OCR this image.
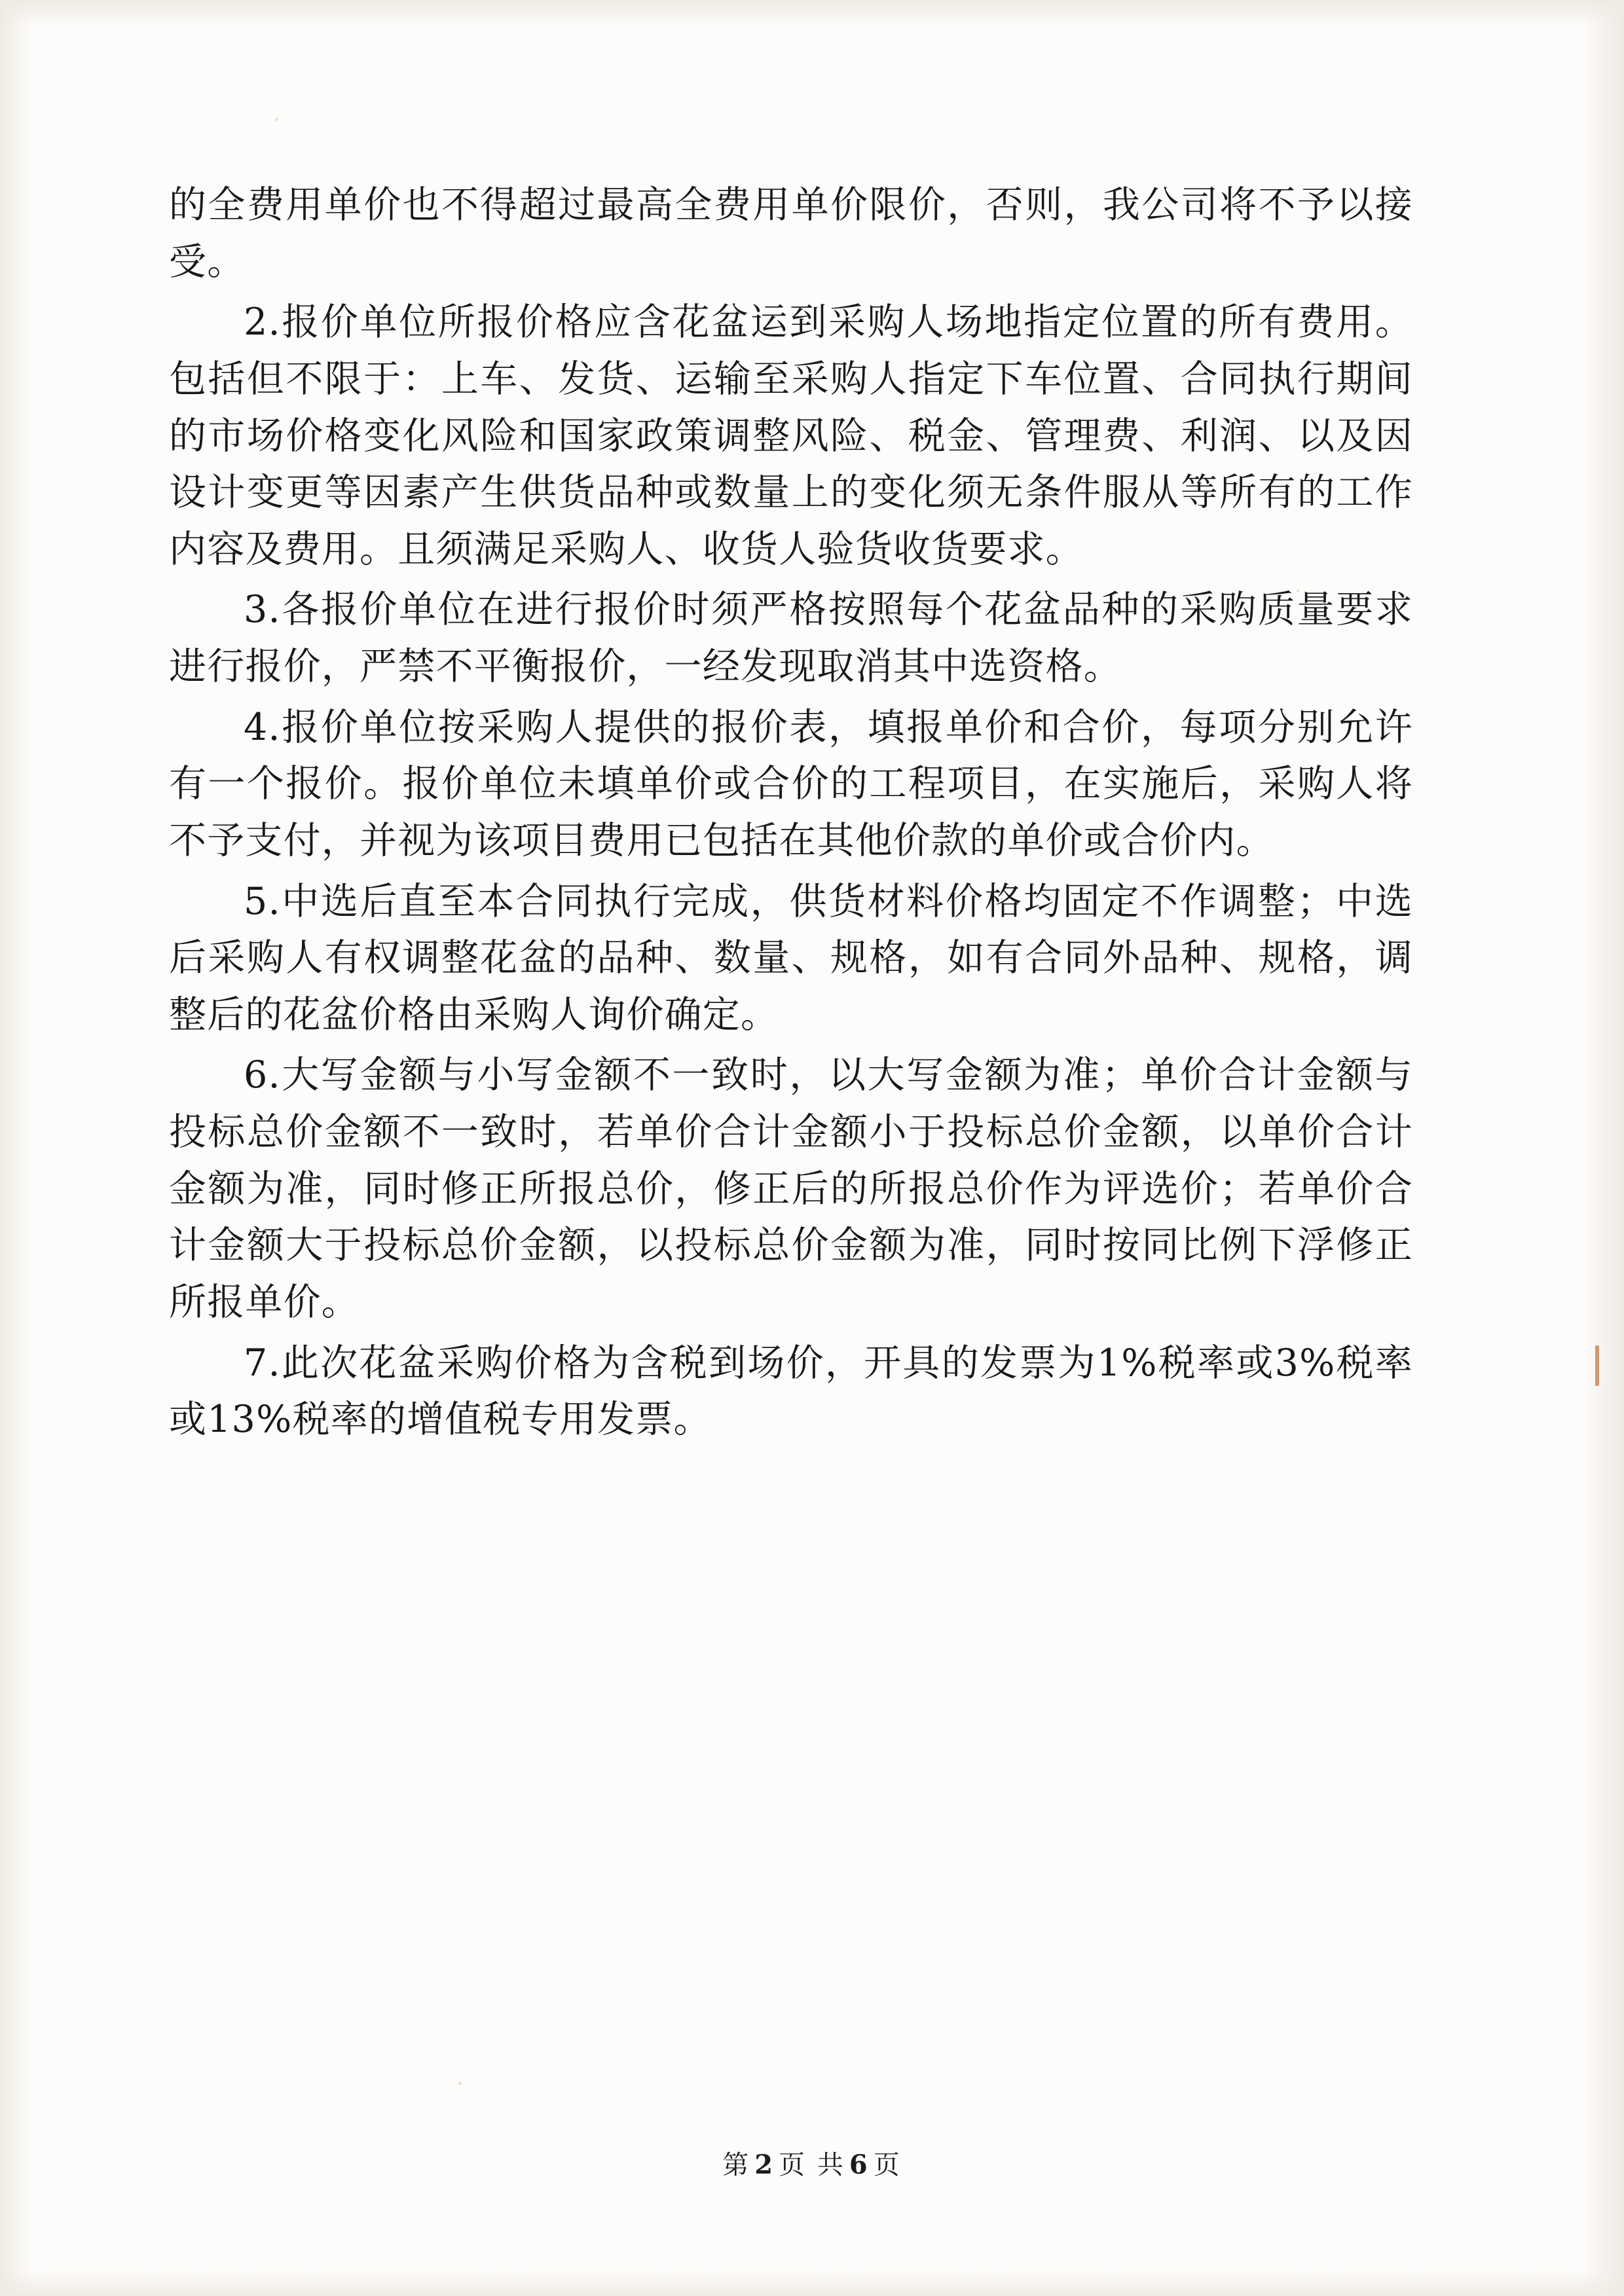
的全费用单价也不得超过最高全费用单价限价，否则，我公司将不予以接受。

2.报价单位所报价格应含花盆运到采购人场地指定位置的所有费用。包括但不限于：上车、发货、运输至采购人指定下车位置、合同执行期间的市场价格变化风险和国家政策调整风险、税金、管理费、利润、以及因设计变更等因素产生供货品种或数量上的变化须无条件服从等所有的工作内容及费用。且须满足采购人、收货人验货收货要求。

3.各报价单位在进行报价时须严格按照每个花盆品种的采购质量要求进行报价，严禁不平衡报价，一经发现取消其中选资格。

4.报价单位按采购人提供的报价表，填报单价和合价，每项分别允许有一个报价。报价单位未填单价或合价的工程项目，在实施后，采购人将不予支付，并视为该项目费用已包括在其他价款的单价或合价内。

5.中选后直至本合同执行完成，供货材料价格均固定不作调整；中选后采购人有权调整花盆的品种、数量、规格，如有合同外品种、规格，调整后的花盆价格由采购人询价确定。

6.大写金额与小写金额不一致时，以大写金额为准；单价合计金额与投标总价金额不一致时，若单价合计金额小于投标总价金额，以单价合计金额为准，同时修正所报总价，修正后的所报总价作为评选价；若单价合计金额大于投标总价金额，以投标总价金额为准，同时按同比例下浮修正所报单价。

7.此次花盆采购价格为含税到场价，开具的发票为1%税率或3%税率或13%税率的增值税专用发票。

第 2 页 共 6 页
